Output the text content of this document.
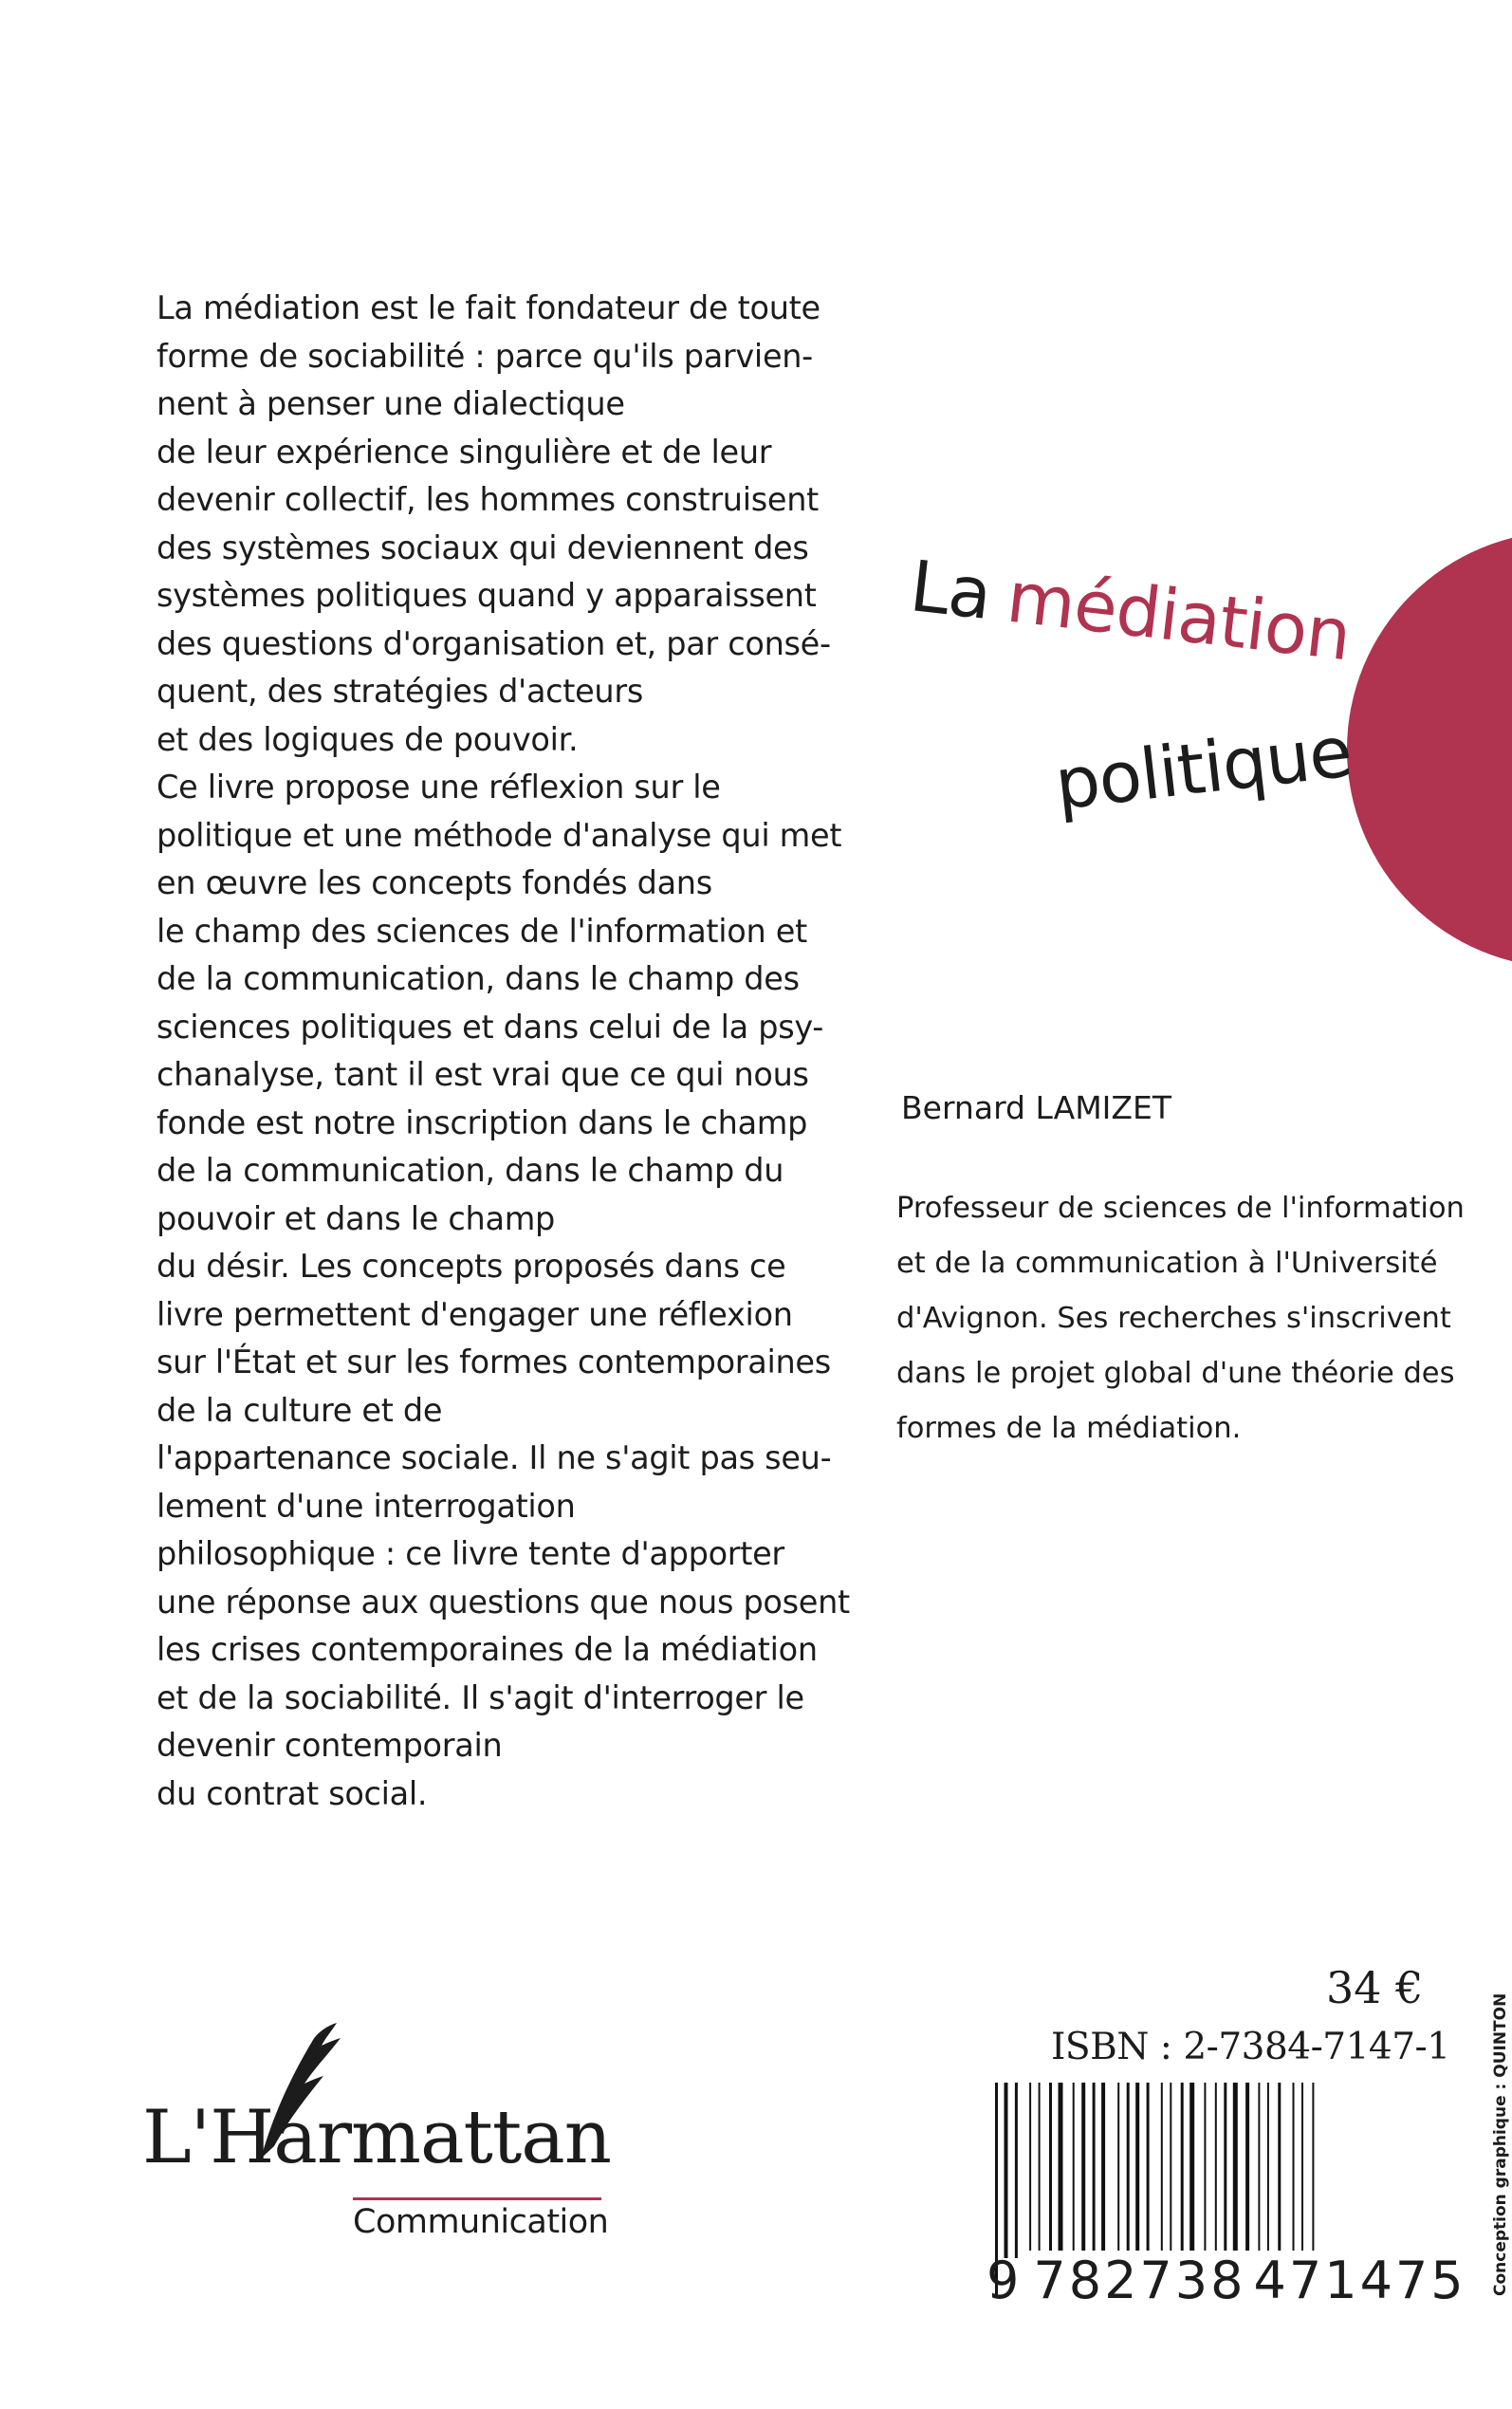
La médiation est le fait fondateur de toute
forme de sociabilité : parce qu'ils parvien-
nent à penser une dialectique
de leur expérience singulière et de leur
devenir collectif, les hommes construisent
des systèmes sociaux qui deviennent des
systèmes politiques quand y apparaissent
des questions d'organisation et, par consé-
quent, des stratégies d'acteurs
et des logiques de pouvoir.
Ce livre propose une réflexion sur le
politique et une méthode d'analyse qui met
en œuvre les concepts fondés dans
le champ des sciences de l'information et
de la communication, dans le champ des
sciences politiques et dans celui de la psy-
chanalyse, tant il est vrai que ce qui nous
fonde est notre inscription dans le champ
de la communication, dans le champ du
pouvoir et dans le champ
du désir. Les concepts proposés dans ce
livre permettent d'engager une réflexion
sur l'État et sur les formes contemporaines
de la culture et de
l'appartenance sociale. Il ne s'agit pas seu-
lement d'une interrogation
philosophique : ce livre tente d'apporter
une réponse aux questions que nous posent
les crises contemporaines de la médiation
et de la sociabilité. Il s'agit d'interroger le
devenir contemporain
du contrat social.
La médiation
politique
Bernard LAMIZET
Professeur de sciences de l'information
et de la communication à l'Université
d'Avignon. Ses recherches s'inscrivent
dans le projet global d'une théorie des
formes de la médiation.
34 €
ISBN : 2-7384-7147-1
9 782738 471475 Conception graphique : QUINTON
L'Harmattan
Communication
